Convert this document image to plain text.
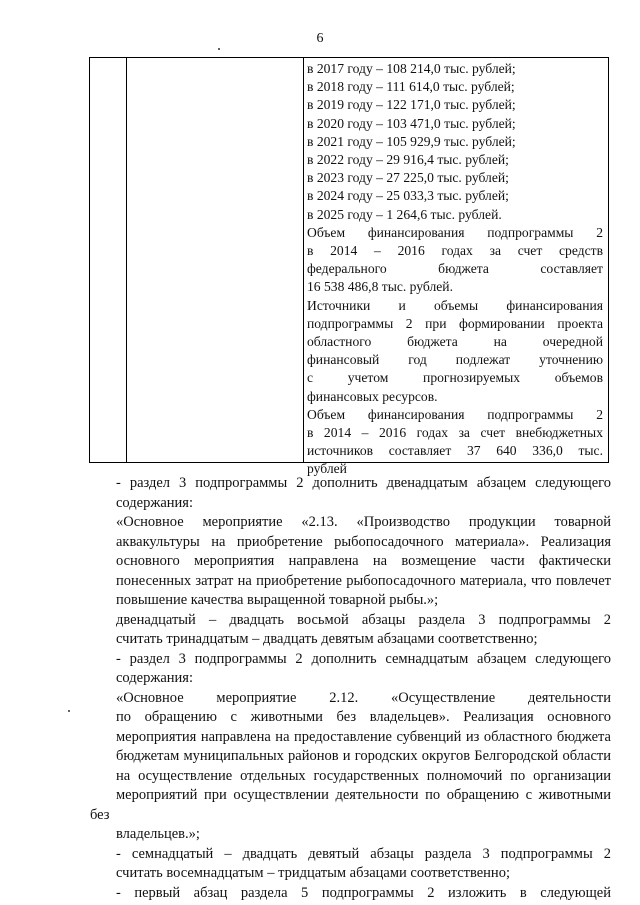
6
в 2017 году – 108 214,0 тыс. рублей;
в 2018 году – 111 614,0 тыс. рублей;
в 2019 году – 122 171,0 тыс. рублей;
в 2020 году – 103 471,0 тыс. рублей;
в 2021 году – 105 929,9 тыс. рублей;
в 2022 году – 29 916,4 тыс. рублей;
в 2023 году – 27 225,0 тыс. рублей;
в 2024 году – 25 033,3 тыс. рублей;
в 2025 году – 1 264,6 тыс. рублей.
Объем финансирования подпрограммы 2
в 2014 – 2016 годах за счет средств
федерального бюджета составляет
16 538 486,8 тыс. рублей.
Источники и объемы финансирования
подпрограммы 2 при формировании проекта
областного бюджета на очередной
финансовый год подлежат уточнению
с учетом прогнозируемых объемов
финансовых ресурсов.
Объем финансирования подпрограммы 2
в 2014 – 2016 годах за счет внебюджетных
источников составляет 37 640 336,0 тыс.
рублей

- раздел 3 подпрограммы 2 дополнить двенадцатым абзацем следующего
содержания:

«Основное мероприятие «2.13. «Производство продукции товарной
аквакультуры на приобретение рыбопосадочного материала». Реализация
основного мероприятия направлена на возмещение части фактически
понесенных затрат на приобретение рыбопосадочного материала, что повлечет
повышение качества выращенной товарной рыбы.»;

двенадцатый – двадцать восьмой абзацы раздела 3 подпрограммы 2
считать тринадцатым – двадцать девятым абзацами соответственно;

- раздел 3 подпрограммы 2 дополнить семнадцатым абзацем следующего
содержания:

«Основное мероприятие 2.12. «Осуществление деятельности
по обращению с животными без владельцев». Реализация основного
мероприятия направлена на предоставление субвенций из областного бюджета
бюджетам муниципальных районов и городских округов Белгородской области
на осуществление отдельных государственных полномочий по организации
мероприятий при осуществлении деятельности по обращению с животными без
владельцев.»;

- семнадцатый – двадцать девятый абзацы раздела 3 подпрограммы 2
считать восемнадцатым – тридцатым абзацами соответственно;

- первый абзац раздела 5 подпрограммы 2 изложить в следующей
